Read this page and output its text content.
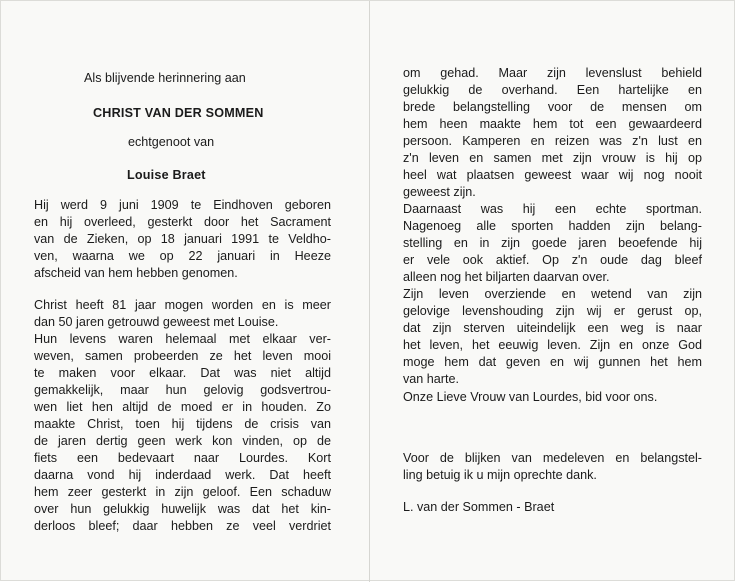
Als blijvende herinnering aan

CHRIST VAN DER SOMMEN

echtgenoot van

Louise Braet

Hij werd 9 juni 1909 te Eindhoven geboren

en hij overleed, gesterkt door het Sacrament

van de Zieken, op 18 januari 1991 te Veldho-

ven, waarna we op 22 januari in Heeze

afscheid van hem hebben genomen.

Christ heeft 81 jaar mogen worden en is meer

dan 50 jaren getrouwd geweest met Louise.

Hun levens waren helemaal met elkaar ver-

weven, samen probeerden ze het leven mooi

te maken voor elkaar. Dat was niet altijd

gemakkelijk, maar hun gelovig godsvertrou-

wen liet hen altijd de moed er in houden. Zo

maakte Christ, toen hij tijdens de crisis van

de jaren dertig geen werk kon vinden, op de

fiets een bedevaart naar Lourdes. Kort

daarna vond hij inderdaad werk. Dat heeft

hem zeer gesterkt in zijn geloof. Een schaduw

over hun gelukkig huwelijk was dat het kin-

derloos bleef; daar hebben ze veel verdriet

om gehad. Maar zijn levenslust behield

gelukkig de overhand. Een hartelijke en

brede belangstelling voor de mensen om

hem heen maakte hem tot een gewaardeerd

persoon. Kamperen en reizen was z'n lust en

z'n leven en samen met zijn vrouw is hij op

heel wat plaatsen geweest waar wij nog nooit

geweest zijn.

Daarnaast was hij een echte sportman.

Nagenoeg alle sporten hadden zijn belang-

stelling en in zijn goede jaren beoefende hij

er vele ook aktief. Op z'n oude dag bleef

alleen nog het biljarten daarvan over.

Zijn leven overziende en wetend van zijn

gelovige levenshouding zijn wij er gerust op,

dat zijn sterven uiteindelijk een weg is naar

het leven, het eeuwig leven. Zijn en onze God

moge hem dat geven en wij gunnen het hem

van harte.

Onze Lieve Vrouw van Lourdes, bid voor ons.

Voor de blijken van medeleven en belangstel-

ling betuig ik u mijn oprechte dank.

L. van der Sommen - Braet
